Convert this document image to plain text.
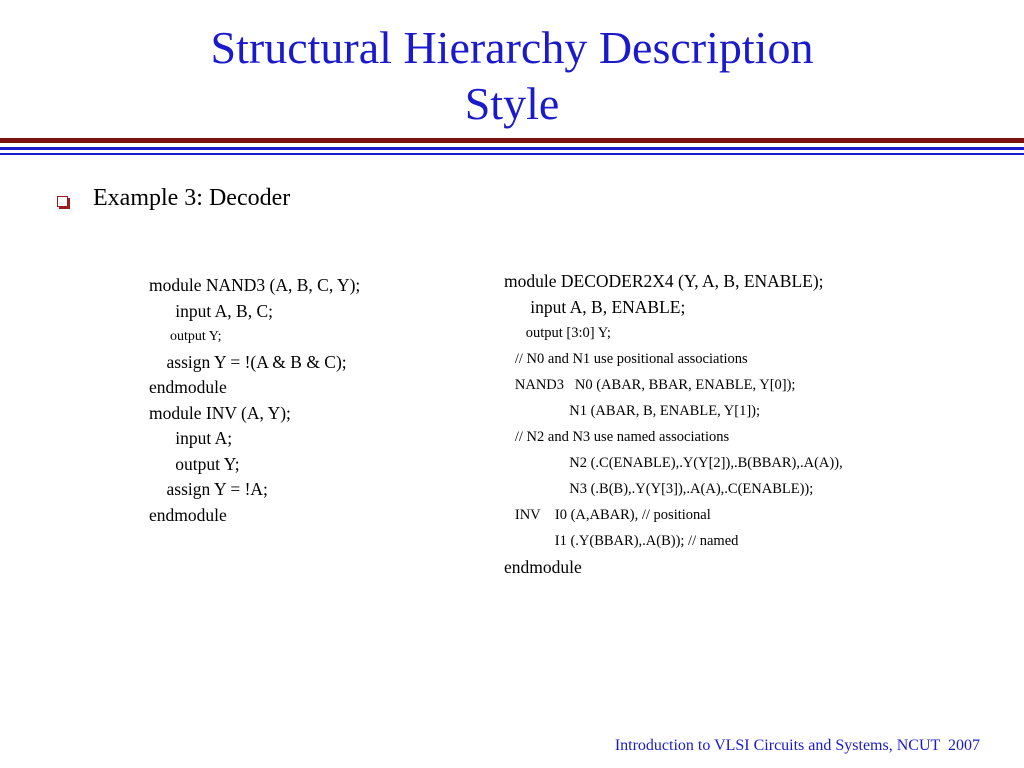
Structural Hierarchy Description
Style
Example 3: Decoder
module NAND3 (A, B, C, Y);
input A, B, C;
output Y;
assign Y = !(A & B & C);
endmodule
module INV (A, Y);
input A;
output Y;
assign Y = !A;
endmodule
module DECODER2X4 (Y, A, B, ENABLE);
input A, B, ENABLE;
output [3:0] Y;
// N0 and N1 use positional associations
NAND3   N0 (ABAR, BBAR, ENABLE, Y[0]);
N1 (ABAR, B, ENABLE, Y[1]);
// N2 and N3 use named associations
N2 (.C(ENABLE),.Y(Y[2]),.B(BBAR),.A(A)),
N3 (.B(B),.Y(Y[3]),.A(A),.C(ENABLE));
INV    I0 (A,ABAR), // positional
I1 (.Y(BBAR),.A(B)); // named
endmodule
Introduction to VLSI Circuits and Systems, NCUT  2007
